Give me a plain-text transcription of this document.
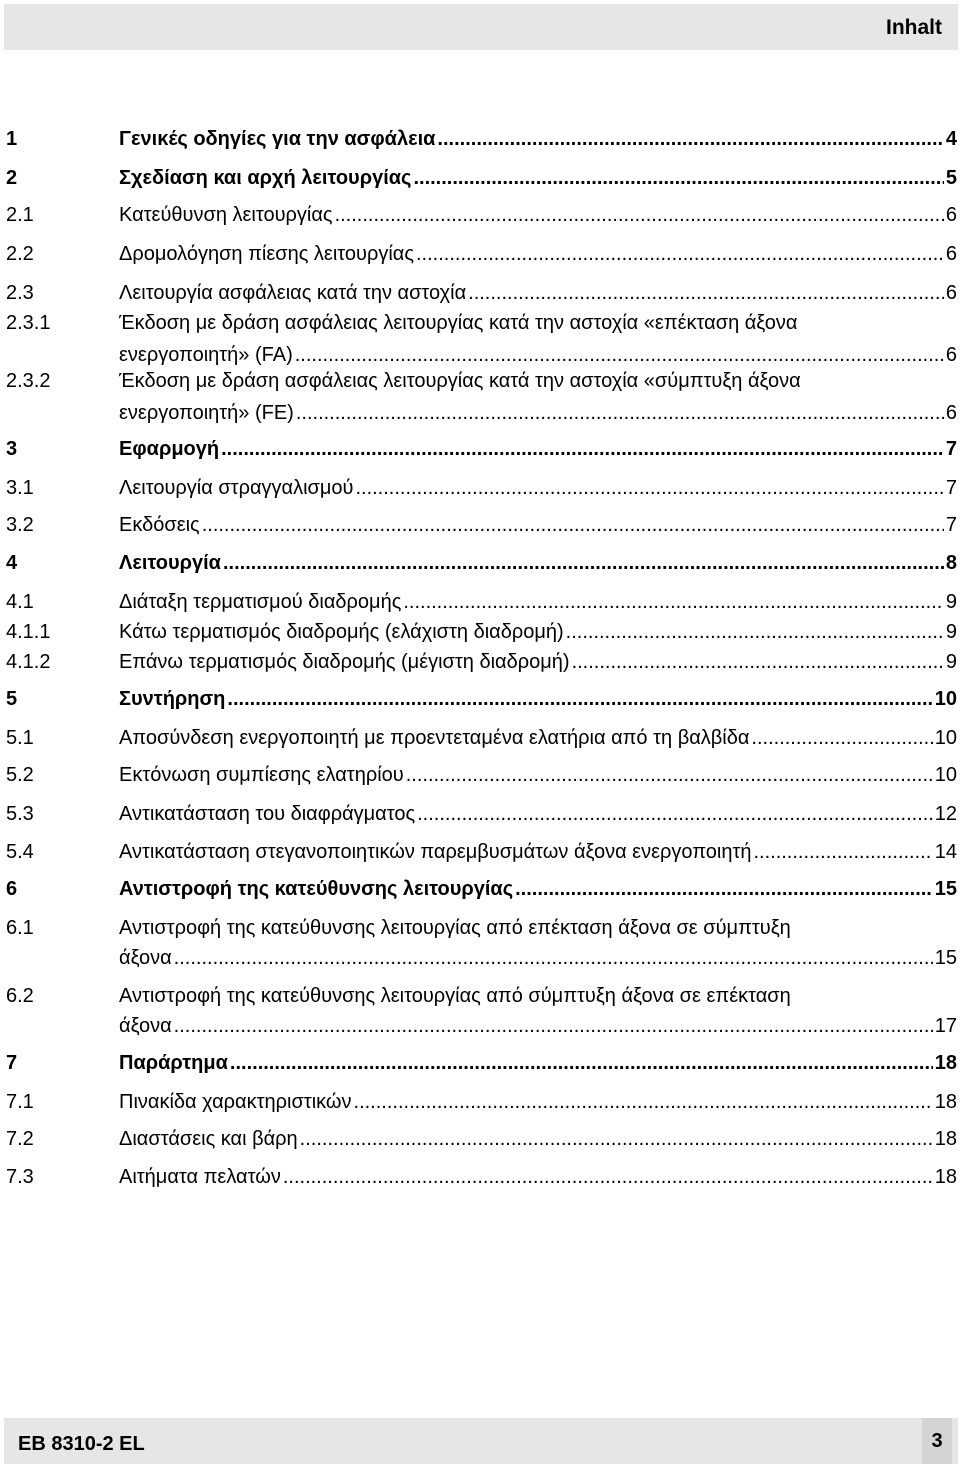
Inhalt
1	Γενικές οδηγίες για την ασφάλεια .....	4
2	Σχεδίαση και αρχή λειτουργίας .....	5
2.1	Κατεύθυνση λειτουργίας .....	6
2.2	Δρομολόγηση πίεσης λειτουργίας .....	6
2.3	Λειτουργία ασφάλειας κατά την αστοχία .....	6
2.3.1	Έκδοση με δράση ασφάλειας λειτουργίας κατά την αστοχία «επέκταση άξονα
ενεργοποιητή» (FA) .....	6
2.3.2	Έκδοση με δράση ασφάλειας λειτουργίας κατά την αστοχία «σύμπτυξη άξονα
ενεργοποιητή» (FE) .....	6
3	Εφαρμογή .....	7
3.1	Λειτουργία στραγγαλισμού .....	7
3.2	Εκδόσεις .....	7
4	Λειτουργία .....	8
4.1	Διάταξη τερματισμού διαδρομής .....	9
4.1.1	Κάτω τερματισμός διαδρομής (ελάχιστη διαδρομή) .....	9
4.1.2	Επάνω τερματισμός διαδρομής (μέγιστη διαδρομή) .....	9
5	Συντήρηση .....	10
5.1	Αποσύνδεση ενεργοποιητή με προεντεταμένα ελατήρια από τη βαλβίδα .....	10
5.2	Εκτόνωση συμπίεσης ελατηρίου .....	10
5.3	Αντικατάσταση του διαφράγματος .....	12
5.4	Αντικατάσταση στεγανοποιητικών παρεμβυσμάτων άξονα ενεργοποιητή .....	14
6	Αντιστροφή της κατεύθυνσης λειτουργίας .....	15
6.1	Αντιστροφή της κατεύθυνσης λειτουργίας από επέκταση άξονα σε σύμπτυξη
άξονα .....	15
6.2	Αντιστροφή της κατεύθυνσης λειτουργίας από σύμπτυξη άξονα σε επέκταση
άξονα .....	17
7	Παράρτημα .....	18
7.1	Πινακίδα χαρακτηριστικών .....	18
7.2	Διαστάσεις και βάρη .....	18
7.3	Αιτήματα πελατών .....	18
EB 8310-2 EL	3
